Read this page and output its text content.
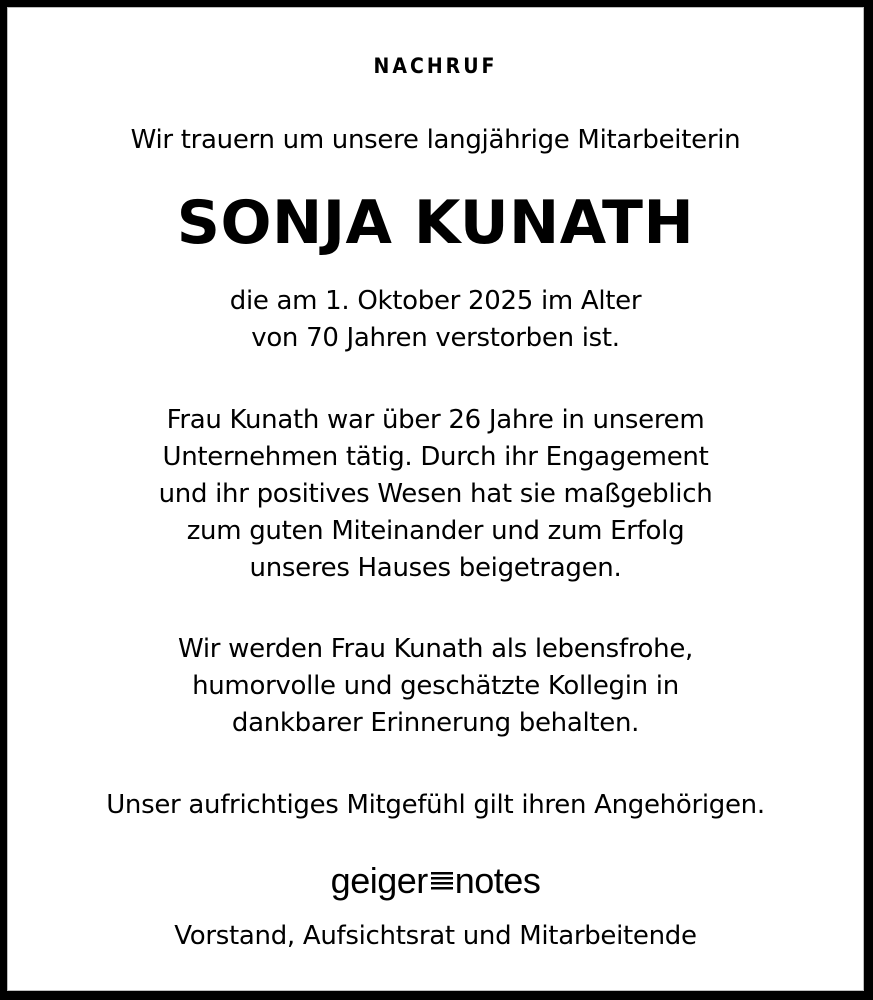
NACHRUF
Wir trauern um unsere langjährige Mitarbeiterin
SONJA KUNATH
die am 1. Oktober 2025 im Alter
von 70 Jahren verstorben ist.
Frau Kunath war über 26 Jahre in unserem
Unternehmen tätig. Durch ihr Engagement
und ihr positives Wesen hat sie maßgeblich
zum guten Miteinander und zum Erfolg
unseres Hauses beigetragen.
Wir werden Frau Kunath als lebensfrohe,
humorvolle und geschätzte Kollegin in
dankbarer Erinnerung behalten.
Unser aufrichtiges Mitgefühl gilt ihren Angehörigen.
geiger notes
Vorstand, Aufsichtsrat und Mitarbeitende
